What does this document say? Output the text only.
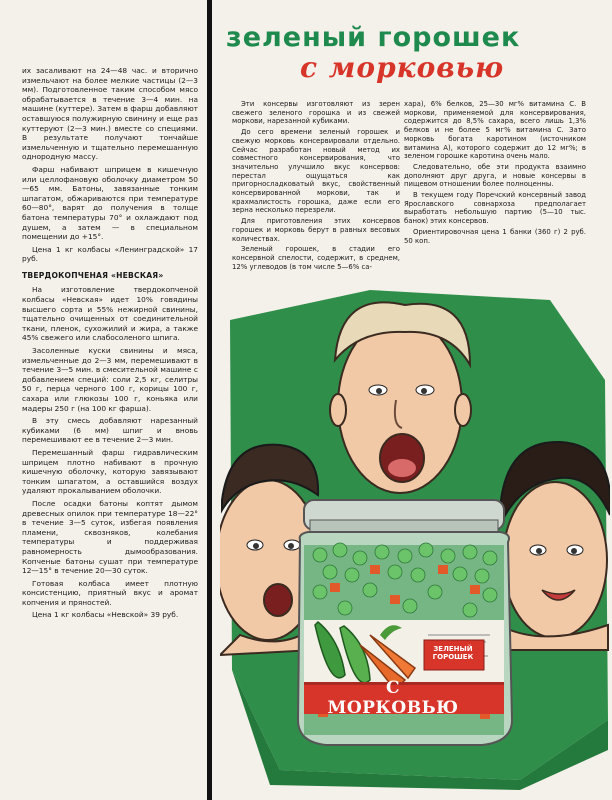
их засаливают на 24—48 час. и вторично измельчают на более мелкие частицы (2—3 мм). Подготовленное таким способом мясо обрабатывается в течение 3—4 мин. на машине (куттере). Затем в фарш добавляют оставшуюся полужирную свинину и еще раз куттеруют (2—3 мин.) вместе со специями. В результате получают тончайше измельченную и тщательно перемешанную однородную массу.

Фарш набивают шприцем в кишечную или целлофановую оболочку диаметром 50—65 мм. Батоны, завязанные тонким шпагатом, обжариваются при температуре 60—80°, варят до получения в толще батона температуры 70° и охлаждают под душем, а затем — в специальном помещении до +15°.

Цена 1 кг колбасы «Ленинградской» 17 руб.

ТВЕРДОКОПЧЕНАЯ «НЕВСКАЯ»

На изготовление твердокопченой колбасы «Невская» идет 10% говядины высшего сорта и 55% нежирной свинины, тщательно очищенных от соединительной ткани, пленок, сухожилий и жира, а также 45% свежего или слабосоленого шпига.

Засоленные куски свинины и мяса, измельченные до 2—3 мм, перемешивают в течение 3—5 мин. в смесительной машине с добавлением специй: соли 2,5 кг, селитры 50 г, перца черного 100 г, корицы 100 г, сахара или глюкозы 100 г, коньяка или мадеры 250 г (на 100 кг фарша).

В эту смесь добавляют нарезанный кубиками (6 мм) шпиг и вновь перемешивают ее в течение 2—3 мин.

Перемешанный фарш гидравлическим шприцем плотно набивают в прочную кишечную оболочку, которую завязывают тонким шпагатом, а оставшийся воздух удаляют прокалыванием оболочки.

После осадки батоны коптят дымом древесных опилок при температуре 18—22° в течение 3—5 суток, избегая появления пламени, сквозняков, колебания температуры и поддерживая равномерность дымообразования. Копченые батоны сушат при температуре 12—15° в течение 20—30 суток.

Готовая колбаса имеет плотную консистенцию, приятный вкус и аромат копчения и пряностей.

Цена 1 кг колбасы «Невской» 39 руб.

зеленый горошек
с морковью

Эти консервы изготовляют из зерен свежего зеленого горошка и из свежей моркови, нарезанной кубиками.

До сего времени зеленый горошек и свежую морковь консервировали отдельно. Сейчас разработан новый метод их совместного консервирования, что значительно улучшило вкус консервов: перестал ощущаться как пригорносладковатый вкус, свойственный консервированной моркови, так и крахмалистость горошка, даже если его зерна несколько перезрели.

Для приготовления этих консервов горошек и морковь берут в равных весовых количествах.

Зеленый горошек, в стадии его консервной спелости, содержит, в среднем, 12% углеводов (в том числе 5—6% са-

хара), 6% белков, 25—30 мг% витамина С. В моркови, применяемой для консервирования, содержится до 8,5% сахара, всего лишь 1,3% белков и не более 5 мг% витамина С. Зато морковь богата каротином (источником витамина А), которого содержит до 12 мг%; в зеленом горошке каротина очень мало.

Следовательно, обе эти продукта взаимно дополняют друг друга, и новые консервы в пищевом отношении более полноценны.

В текущем году Поречский консервный завод Ярославского совнархоза предполагает выработать небольшую партию (5—10 тыс. банок) этих консервов.

Ориентировочная цена 1 банки (360 г) 2 руб. 50 коп.

ЗЕЛЕНЫЙ ГОРОШЕК
С МОРКОВЬЮ
